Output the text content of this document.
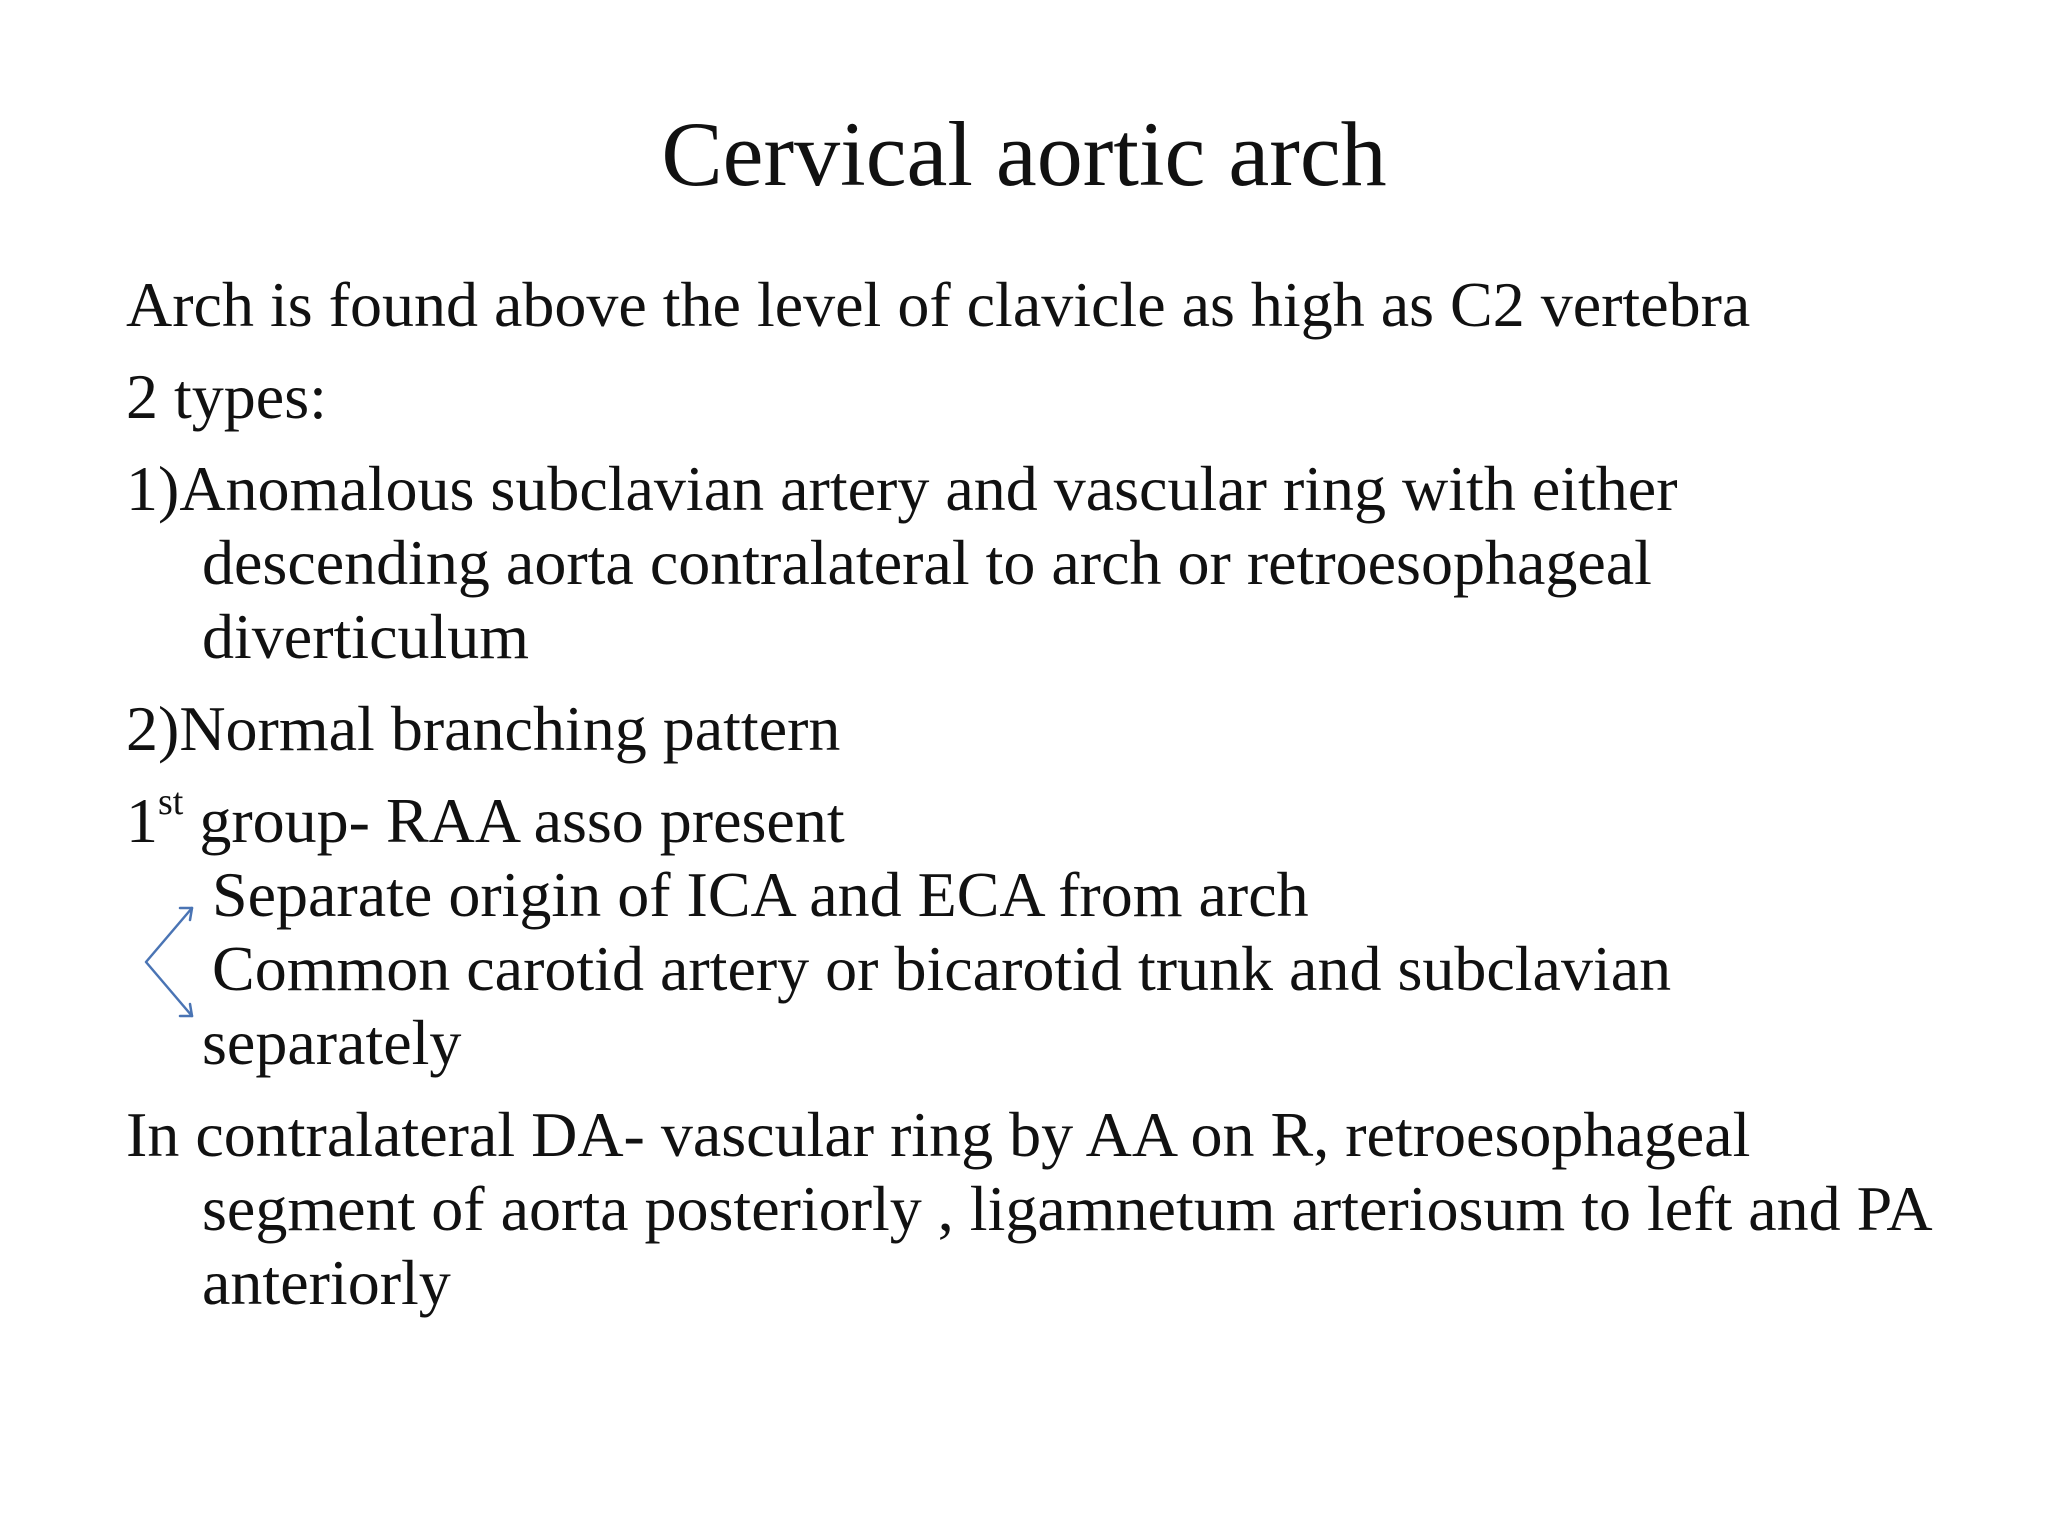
Cervical aortic arch

Arch is found above the level of clavicle as high as C2 vertebra

2 types:

1)Anomalous subclavian artery and vascular ring with either descending aorta contralateral to arch or retroesophageal diverticulum

2)Normal branching pattern

1st group- RAA asso present

Separate origin of ICA and ECA from arch

Common carotid artery or bicarotid trunk and subclavian

separately

In contralateral DA- vascular ring by AA on R, retroesophageal segment of aorta posteriorly , ligamnetum arteriosum to left and PA anteriorly
